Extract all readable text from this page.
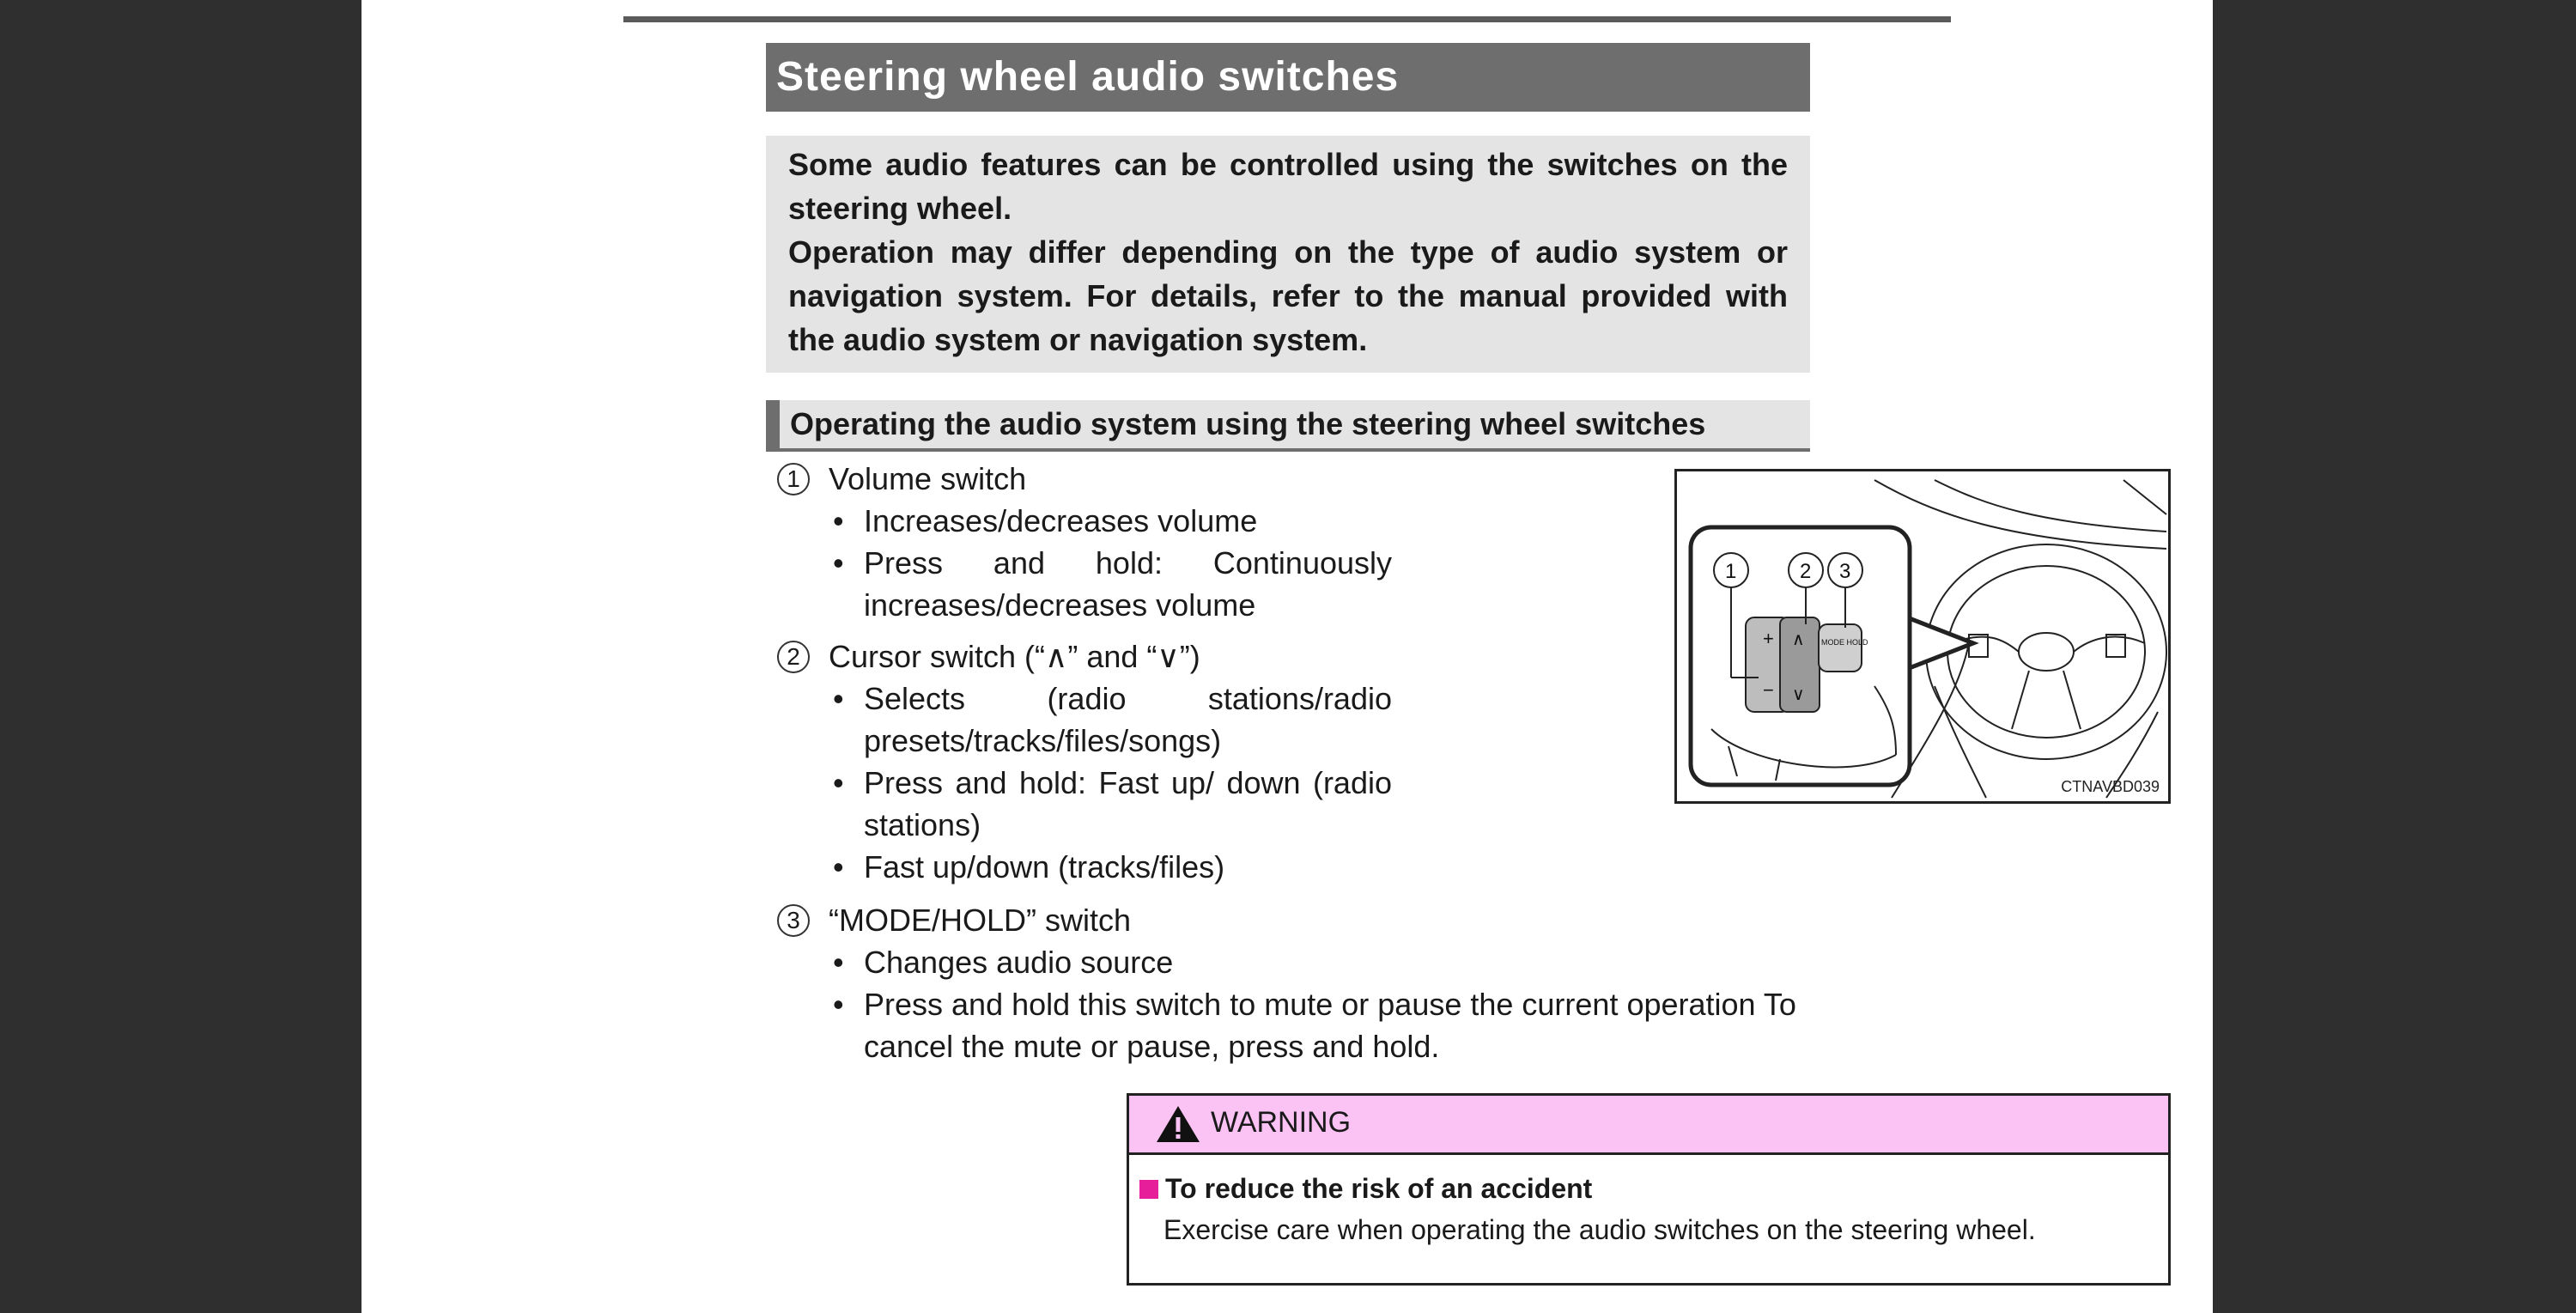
Steering wheel audio switches

Some audio features can be controlled using the switches on the steering wheel.

Operation may differ depending on the type of audio system or navigation system. For details, refer to the manual provided with the audio system or navigation system.

Operating the audio system using the steering wheel switches
1 Volume switch
• Increases/decreases volume
• Press and hold: Continuously increases/decreases volume
2 Cursor switch (“∧” and “∨”)
• Selects (radio stations/radio presets/tracks/files/songs)
• Press and hold: Fast up/ down (radio stations)
• Fast up/down (tracks/files)
3 “MODE/HOLD” switch
• Changes audio source
• Press and hold this switch to mute or pause the current operation To cancel the mute or pause, press and hold.
+
−
∧
∨
MODE HOLD
1	2 3
CTNAVBD039
WARNING
To reduce the risk of an accident
Exercise care when operating the audio switches on the steering wheel.
